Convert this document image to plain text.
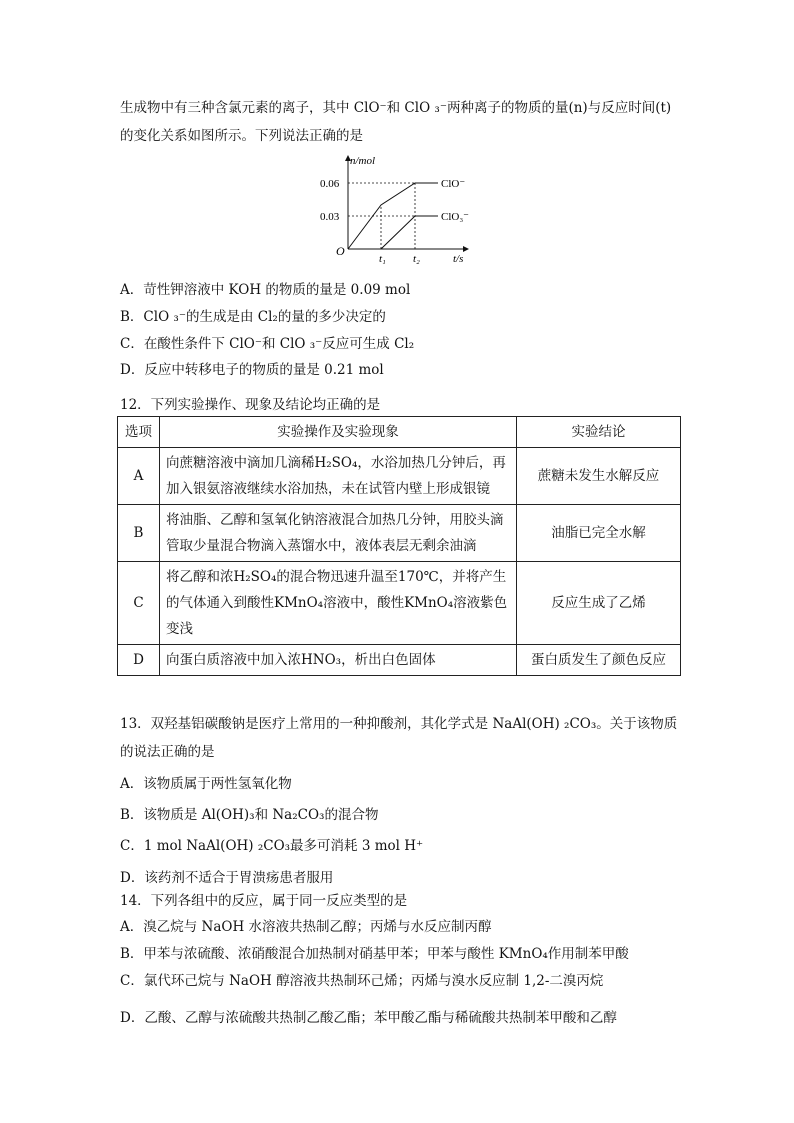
生成物中有三种含氯元素的离子，其中 ClO⁻和 ClO ₃⁻两种离子的物质的量(n)与反应时间(t)
的变化关系如图所示。下列说法正确的是
n/mol
t/s
O
0.03
0.06
t₁ t₂
ClO⁻
ClO₃⁻
A．苛性钾溶液中 KOH 的物质的量是 0.09 mol
B．ClO ₃⁻的生成是由 Cl₂的量的多少决定的
C．在酸性条件下 ClO⁻和 ClO ₃⁻反应可生成 Cl₂
D．反应中转移电子的物质的量是 0.21 mol
12．下列实验操作、现象及结论均正确的是
选项	实验操作及实验现象	实验结论
A	向蔗糖溶液中滴加几滴稀H₂SO₄，水浴加热几分钟后，再
加入银氨溶液继续水浴加热，未在试管内壁上形成银镜	蔗糖未发生水解反应
B	将油脂、乙醇和氢氧化钠溶液混合加热几分钟，用胶头滴
管取少量混合物滴入蒸馏水中，液体表层无剩余油滴	油脂已完全水解
C	将乙醇和浓H₂SO₄的混合物迅速升温至170℃，并将产生
的气体通入到酸性KMnO₄溶液中，酸性KMnO₄溶液紫色
变浅	反应生成了乙烯
D	向蛋白质溶液中加入浓HNO₃，析出白色固体	蛋白质发生了颜色反应
13．双羟基铝碳酸钠是医疗上常用的一种抑酸剂，其化学式是 NaAl(OH) ₂CO₃。关于该物质
的说法正确的是
A．该物质属于两性氢氧化物
B．该物质是 Al(OH)₃和 Na₂CO₃的混合物
C．1 mol NaAl(OH) ₂CO₃最多可消耗 3 mol H⁺
D．该药剂不适合于胃溃疡患者服用
14．下列各组中的反应，属于同一反应类型的是
A．溴乙烷与 NaOH 水溶液共热制乙醇；丙烯与水反应制丙醇
B．甲苯与浓硫酸、浓硝酸混合加热制对硝基甲苯；甲苯与酸性 KMnO₄作用制苯甲酸
C．氯代环己烷与 NaOH 醇溶液共热制环己烯；丙烯与溴水反应制 1,2-二溴丙烷
D．乙酸、乙醇与浓硫酸共热制乙酸乙酯；苯甲酸乙酯与稀硫酸共热制苯甲酸和乙醇
